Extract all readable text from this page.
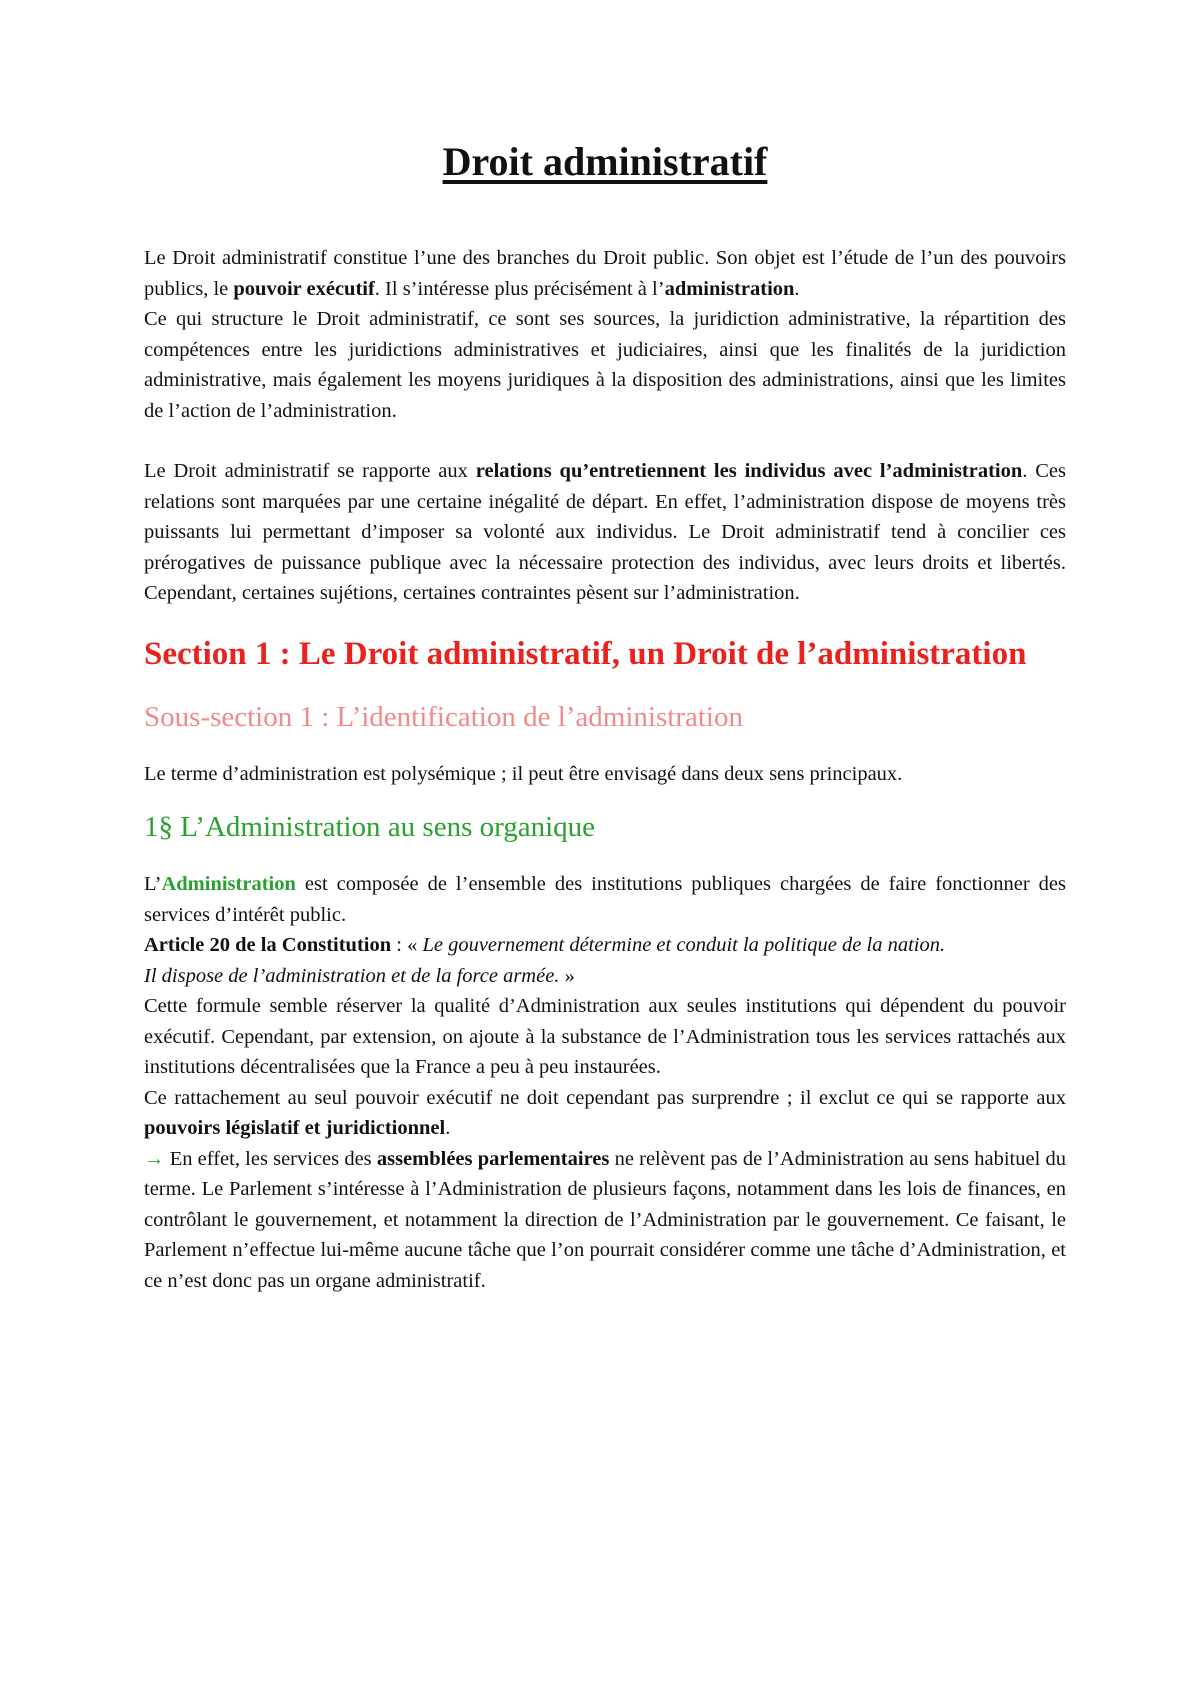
Droit administratif

Le Droit administratif constitue l’une des branches du Droit public. Son objet est l’étude de l’un des pouvoirs publics, le pouvoir exécutif. Il s’intéresse plus précisément à l’administration.

Ce qui structure le Droit administratif, ce sont ses sources, la juridiction administrative, la répartition des compétences entre les juridictions administratives et judiciaires, ainsi que les finalités de la juridiction administrative, mais également les moyens juridiques à la disposition des administrations, ainsi que les limites de l’action de l’administration.

Le Droit administratif se rapporte aux relations qu’entretiennent les individus avec l’administration. Ces relations sont marquées par une certaine inégalité de départ. En effet, l’administration dispose de moyens très puissants lui permettant d’imposer sa volonté aux individus. Le Droit administratif tend à concilier ces prérogatives de puissance publique avec la nécessaire protection des individus, avec leurs droits et libertés. Cependant, certaines sujétions, certaines contraintes pèsent sur l’administration.

Section 1 : Le Droit administratif, un Droit de l’administration
Sous-section 1 : L’identification de l’administration

Le terme d’administration est polysémique ; il peut être envisagé dans deux sens principaux.

1§ L’Administration au sens organique

L’Administration est composée de l’ensemble des institutions publiques chargées de faire fonctionner des services d’intérêt public.

Article 20 de la Constitution : « Le gouvernement détermine et conduit la politique de la nation.

Il dispose de l’administration et de la force armée. »

Cette formule semble réserver la qualité d’Administration aux seules institutions qui dépendent du pouvoir exécutif. Cependant, par extension, on ajoute à la substance de l’Administration tous les services rattachés aux institutions décentralisées que la France a peu à peu instaurées.

Ce rattachement au seul pouvoir exécutif ne doit cependant pas surprendre ; il exclut ce qui se rapporte aux pouvoirs législatif et juridictionnel.

→ En effet, les services des assemblées parlementaires ne relèvent pas de l’Administration au sens habituel du terme. Le Parlement s’intéresse à l’Administration de plusieurs façons, notamment dans les lois de finances, en contrôlant le gouvernement, et notamment la direction de l’Administration par le gouvernement. Ce faisant, le Parlement n’effectue lui-même aucune tâche que l’on pourrait considérer comme une tâche d’Administration, et ce n’est donc pas un organe administratif.
